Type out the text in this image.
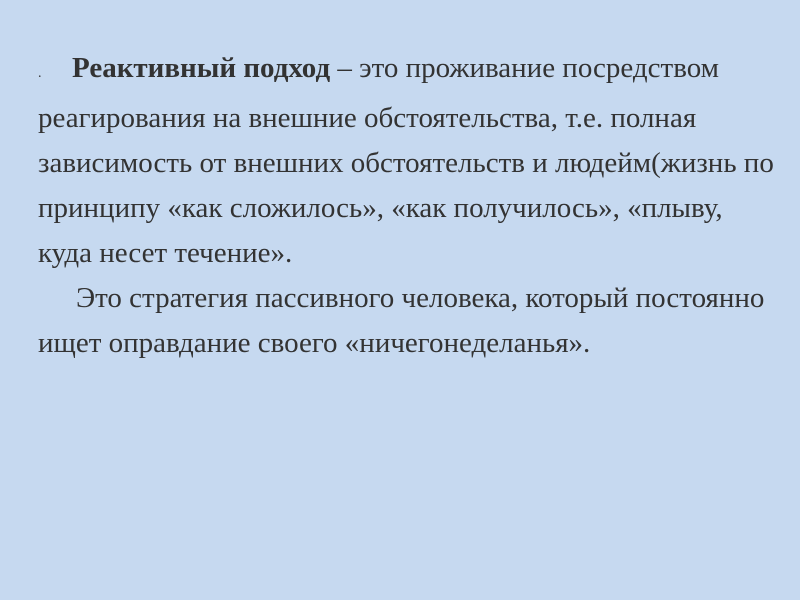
. Реактивный подход – это проживание посредством реагирования на внешние обстоятельства, т.е. полная зависимость от внешних обстоятельств и людейм(жизнь по принципу «как сложилось», «как получилось», «плыву, куда несет течение».

Это стратегия пассивного человека, который постоянно ищет оправдание своего «ничегонеделанья».
